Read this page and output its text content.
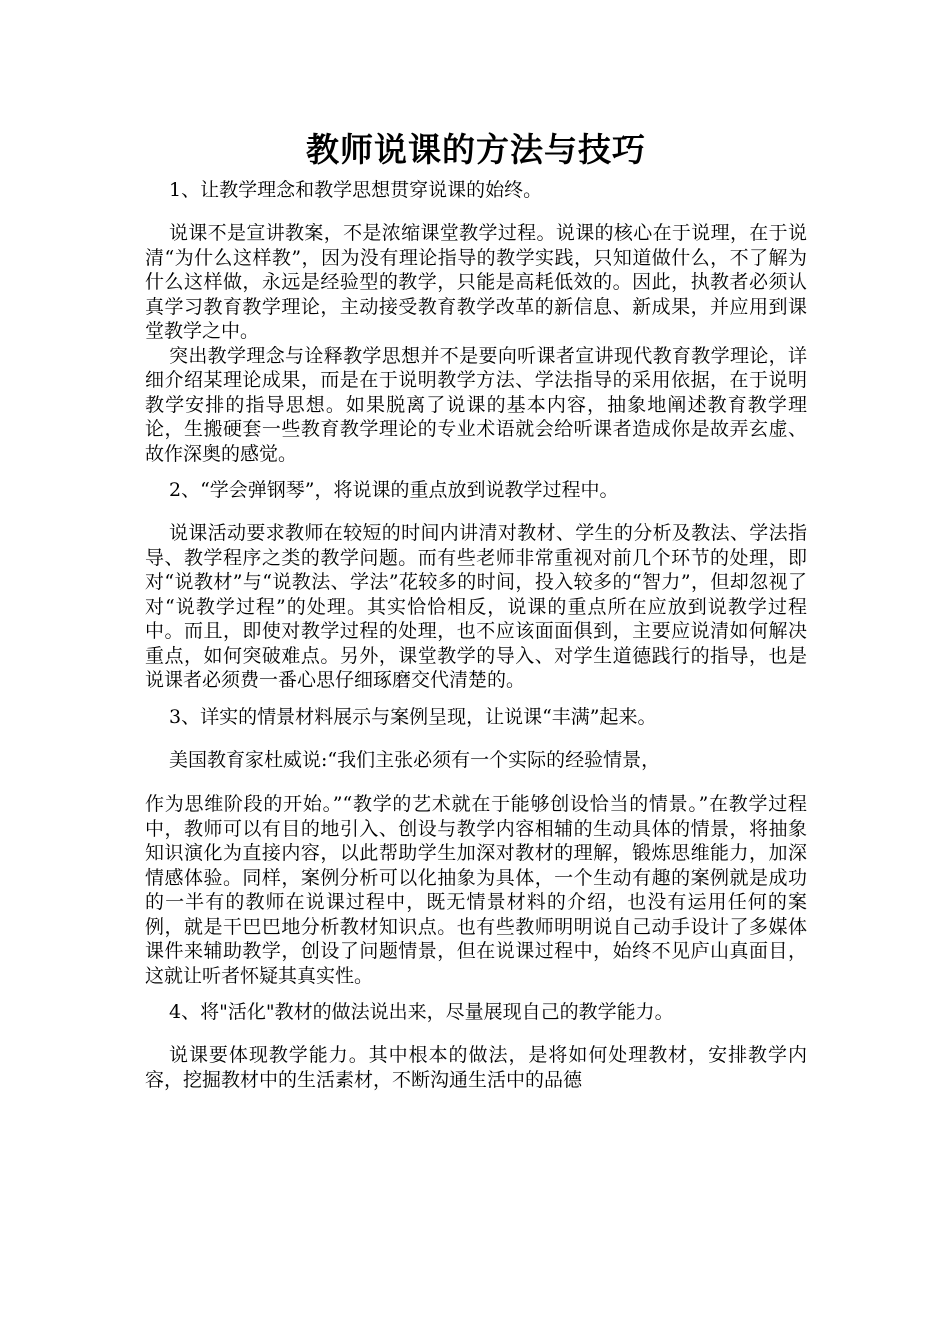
教师说课的方法与技巧

1、让教学理念和教学思想贯穿说课的始终。

说课不是宣讲教案，不是浓缩课堂教学过程。说课的核心在于说理，在于说清“为什么这样教”，因为没有理论指导的教学实践，只知道做什么，不了解为什么这样做，永远是经验型的教学，只能是高耗低效的。因此，执教者必须认真学习教育教学理论，主动接受教育教学改革的新信息、新成果，并应用到课堂教学之中。

突出教学理念与诠释教学思想并不是要向听课者宣讲现代教育教学理论，详细介绍某理论成果，而是在于说明教学方法、学法指导的采用依据，在于说明教学安排的指导思想。如果脱离了说课的基本内容，抽象地阐述教育教学理论，生搬硬套一些教育教学理论的专业术语就会给听课者造成你是故弄玄虚、故作深奥的感觉。

2、“学会弹钢琴”，将说课的重点放到说教学过程中。

说课活动要求教师在较短的时间内讲清对教材、学生的分析及教法、学法指导、教学程序之类的教学问题。而有些老师非常重视对前几个环节的处理，即对“说教材”与“说教法、学法”花较多的时间，投入较多的“智力”，但却忽视了对“说教学过程”的处理。其实恰恰相反，说课的重点所在应放到说教学过程中。而且，即使对教学过程的处理，也不应该面面俱到，主要应说清如何解决重点，如何突破难点。另外，课堂教学的导入、对学生道德践行的指导，也是说课者必须费一番心思仔细琢磨交代清楚的。

3、详实的情景材料展示与案例呈现，让说课“丰满”起来。

美国教育家杜威说:“我们主张必须有一个实际的经验情景，

作为思维阶段的开始。”“教学的艺术就在于能够创设恰当的情景。”在教学过程中，教师可以有目的地引入、创设与教学内容相辅的生动具体的情景，将抽象知识演化为直接内容，以此帮助学生加深对教材的理解，锻炼思维能力，加深情感体验。同样，案例分析可以化抽象为具体，一个生动有趣的案例就是成功的一半有的教师在说课过程中，既无情景材料的介绍，也没有运用任何的案例，就是干巴巴地分析教材知识点。也有些教师明明说自己动手设计了多媒体课件来辅助教学，创设了问题情景，但在说课过程中，始终不见庐山真面目，这就让听者怀疑其真实性。

4、将"活化"教材的做法说出来，尽量展现自己的教学能力。

说课要体现教学能力。其中根本的做法，是将如何处理教材，安排教学内容，挖掘教材中的生活素材，不断沟通生活中的品德
